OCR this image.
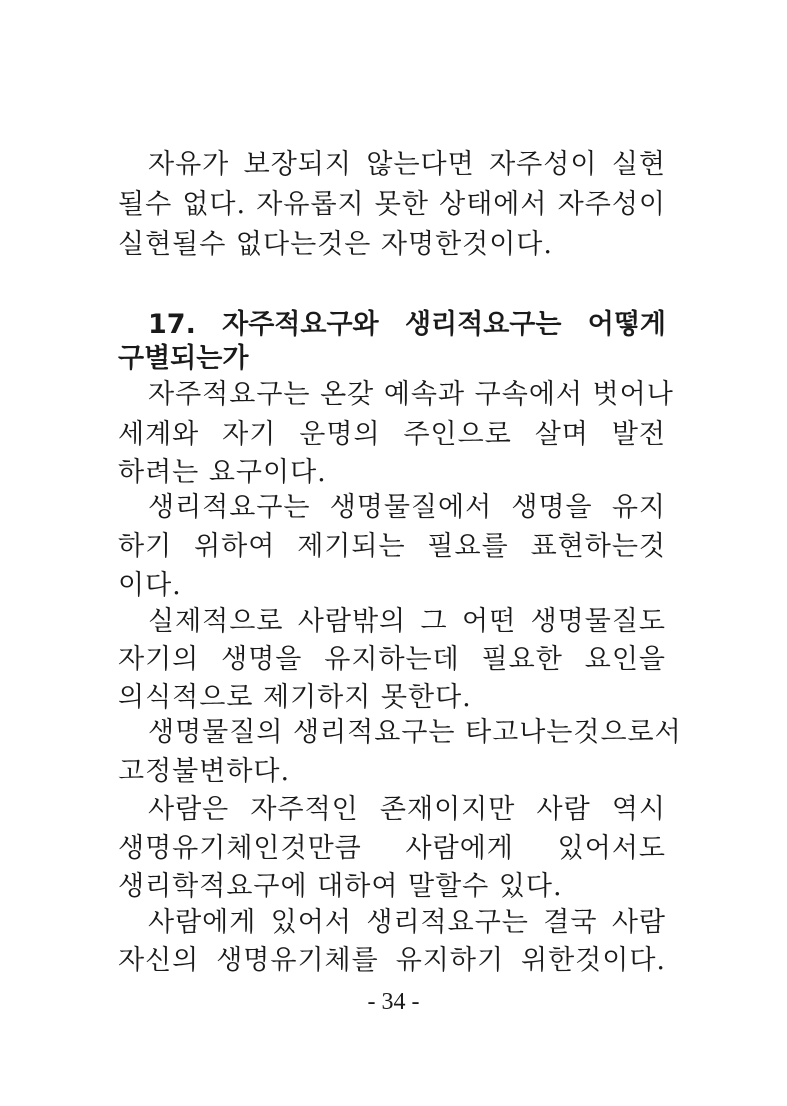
자유가 보장되지 않는다면 자주성이 실현
될수 없다. 자유롭지 못한 상태에서 자주성이
실현될수 없다는것은 자명한것이다.
17. 자주적요구와 생리적요구는 어떻게
구별되는가
자주적요구는 온갖 예속과 구속에서 벗어나
세계와 자기 운명의 주인으로 살며 발전
하려는 요구이다.
생리적요구는 생명물질에서 생명을 유지
하기 위하여 제기되는 필요를 표현하는것
이다.
실제적으로 사람밖의 그 어떤 생명물질도
자기의 생명을 유지하는데 필요한 요인을
의식적으로 제기하지 못한다.
생명물질의 생리적요구는 타고나는것으로서
고정불변하다.
사람은 자주적인 존재이지만 사람 역시
생명유기체인것만큼 사람에게 있어서도
생리학적요구에 대하여 말할수 있다.
사람에게 있어서 생리적요구는 결국 사람
자신의 생명유기체를 유지하기 위한것이다.
- 34 -
